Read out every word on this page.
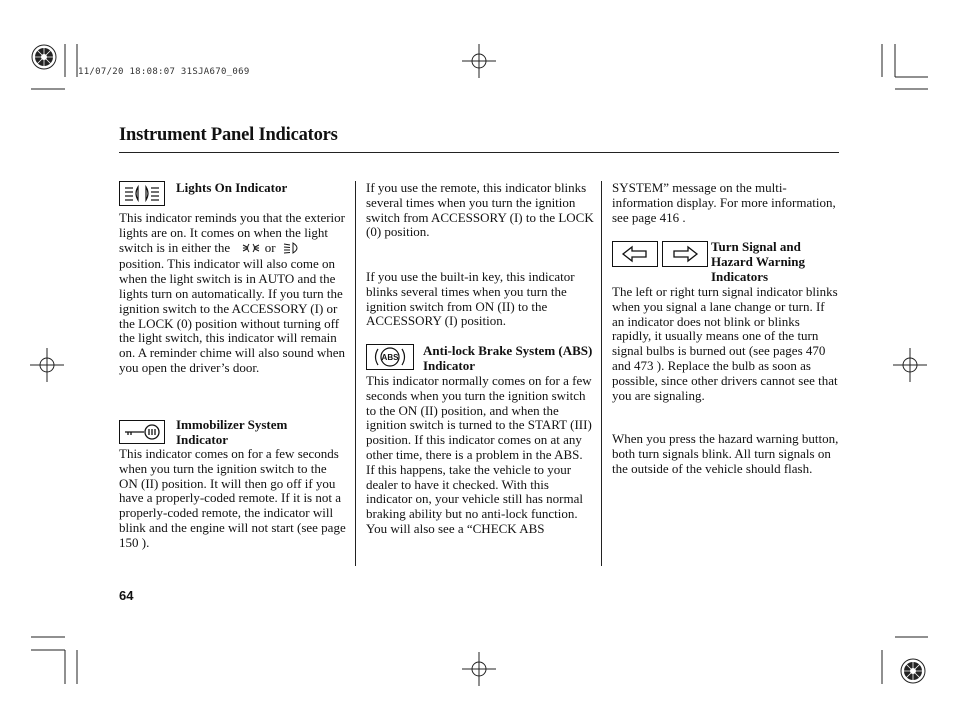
11/07/20 18:08:07 31SJA670_069
Instrument Panel Indicators
Lights On Indicator

This indicator reminds you that the exterior lights are on. It comes on when the light switch is in either the	or  position. This indicator will also come on when the light switch is in AUTO and the lights turn on automatically. If you turn the ignition switch to the ACCESSORY (I) or the LOCK (0) position without turning off the light switch, this indicator will remain on. A reminder chime will also sound when you open the driver’s door.

Immobilizer System Indicator
This indicator comes on for a few seconds when you turn the ignition switch to the ON (II) position. It will then go off if you have a properly-coded remote. If it is not a properly-coded remote, the indicator will blink and the engine will not start (see page 150 ).
If you use the remote, this indicator blinks several times when you turn the ignition switch from ACCESSORY (I) to the LOCK (0) position.
If you use the built-in key, this indicator blinks several times when you turn the ignition switch from ON (II) to the ACCESSORY (I) position.
ABS Anti-lock Brake System (ABS) Indicator
This indicator normally comes on for a few seconds when you turn the ignition switch to the ON (II) position, and when the ignition switch is turned to the START (III) position. If this indicator comes on at any other time, there is a problem in the ABS. If this happens, take the vehicle to your dealer to have it checked. With this indicator on, your vehicle still has normal braking ability but no anti-lock function. You will also see a “CHECK ABS
SYSTEM” message on the multi-information display. For more information, see page 416 .
Turn Signal and Hazard Warning Indicators
The left or right turn signal indicator blinks when you signal a lane change or turn. If an indicator does not blink or blinks rapidly, it usually means one of the turn signal bulbs is burned out (see pages 470 and 473 ). Replace the bulb as soon as possible, since other drivers cannot see that you are signaling.
When you press the hazard warning button, both turn signals blink. All turn signals on the outside of the vehicle should flash.
64
